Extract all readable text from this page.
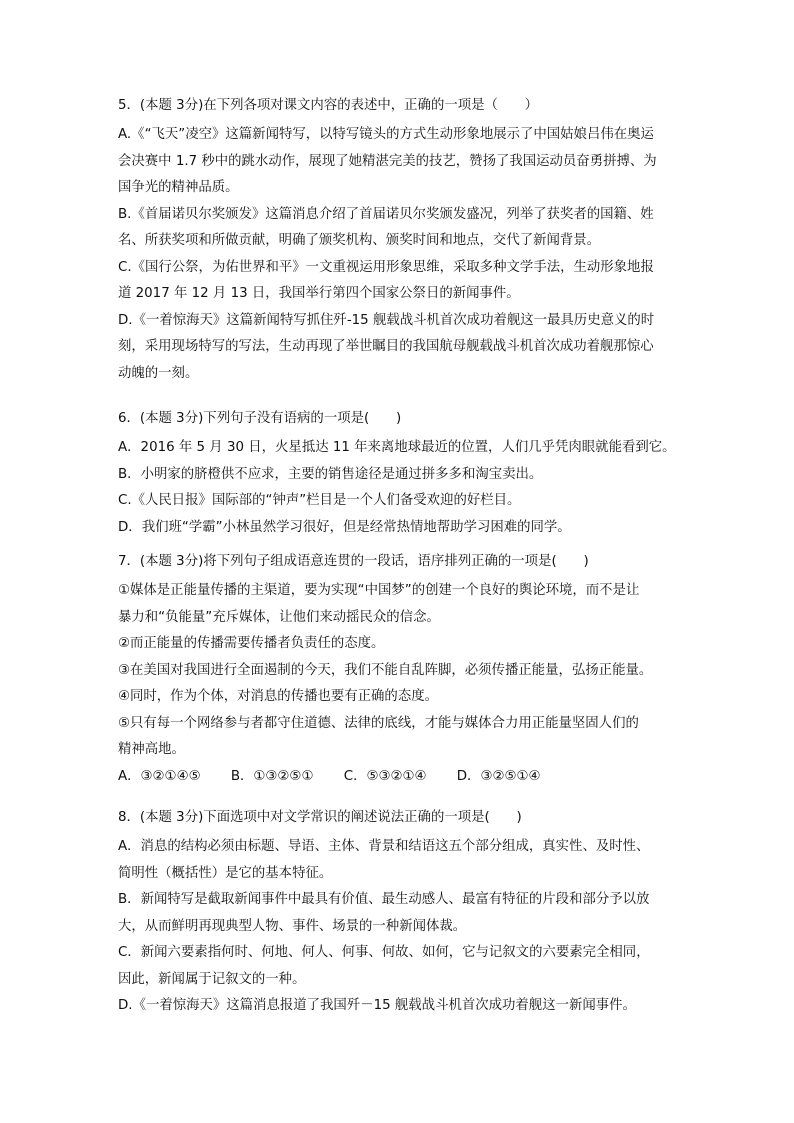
5．(本题 3分)在下列各项对课文内容的表述中，正确的一项是（　　）
A.《“飞天”凌空》这篇新闻特写，以特写镜头的方式生动形象地展示了中国姑娘吕伟在奥运
会决赛中 1.7 秒中的跳水动作，展现了她精湛完美的技艺，赞扬了我国运动员奋勇拼搏、为
国争光的精神品质。
B.《首届诺贝尔奖颁发》这篇消息介绍了首届诺贝尔奖颁发盛况，列举了获奖者的国籍、姓
名、所获奖项和所做贡献，明确了颁奖机构、颁奖时间和地点，交代了新闻背景。
C.《国行公祭，为佑世界和平》一文重视运用形象思维，采取多种文学手法，生动形象地报
道 2017 年 12 月 13 日，我国举行第四个国家公祭日的新闻事件。
D.《一着惊海天》这篇新闻特写抓住歼-15 舰载战斗机首次成功着舰这一最具历史意义的时
刻，采用现场特写的写法，生动再现了举世瞩目的我国航母舰载战斗机首次成功着舰那惊心
动魄的一刻。
6．(本题 3分)下列句子没有语病的一项是(　　)
A．2016 年 5 月 30 日，火星抵达 11 年来离地球最近的位置，人们几乎凭肉眼就能看到它。
B．小明家的脐橙供不应求，主要的销售途径是通过拼多多和淘宝卖出。
C.《人民日报》国际部的“钟声”栏目是一个人们备受欢迎的好栏目。
D．我们班“学霸”小林虽然学习很好，但是经常热情地帮助学习困难的同学。
7．(本题 3分)将下列句子组成语意连贯的一段话，语序排列正确的一项是(　　)
①媒体是正能量传播的主渠道，要为实现“中国梦”的创建一个良好的舆论环境，而不是让
暴力和“负能量”充斥媒体，让他们来动摇民众的信念。
②而正能量的传播需要传播者负责任的态度。
③在美国对我国进行全面遏制的今天，我们不能自乱阵脚，必须传播正能量，弘扬正能量。
④同时，作为个体，对消息的传播也要有正确的态度。
⑤只有每一个网络参与者都守住道德、法律的底线，才能与媒体合力用正能量坚固人们的
精神高地。
A．③②①④⑤ B．①③②⑤① C．⑤③②①④ D．③②⑤①④
8．(本题 3分)下面选项中对文学常识的阐述说法正确的一项是(　　)
A．消息的结构必须由标题、导语、主体、背景和结语这五个部分组成，真实性、及时性、
简明性（概括性）是它的基本特征。
B．新闻特写是截取新闻事件中最具有价值、最生动感人、最富有特征的片段和部分予以放
大，从而鲜明再现典型人物、事件、场景的一种新闻体裁。
C．新闻六要素指何时、何地、何人、何事、何故、如何，它与记叙文的六要素完全相同，
因此，新闻属于记叙文的一种。
D.《一着惊海天》这篇消息报道了我国歼－15 舰载战斗机首次成功着舰这一新闻事件。
